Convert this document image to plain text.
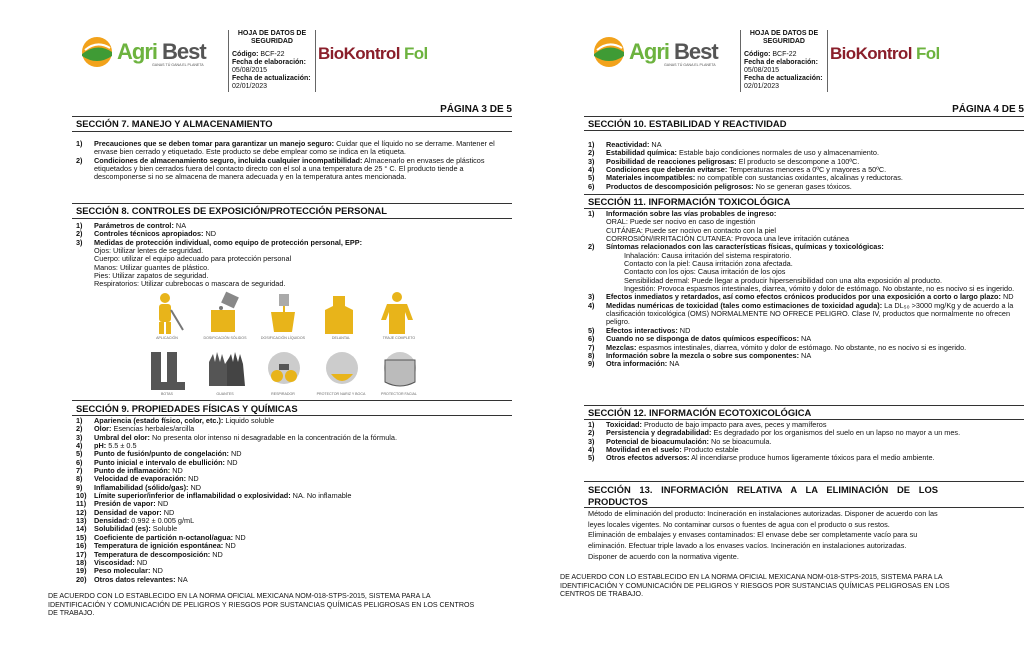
Agri Best
GANAS TÚ GANA EL PLANETA
HOJA DE DATOS DE SEGURIDAD
Código: BCF-22
Fecha de elaboración:
05/08/2015
Fecha de actualización:
02/01/2023
BioKontrol Fol
PÁGINA 3 DE 5
SECCIÓN 7. MANEJO Y ALMACENAMIENTO
1)	Precauciones que se deben tomar para garantizar un manejo seguro: Cuidar que el líquido no se derrame. Mantener el envase bien cerrado y etiquetado. Este producto se debe emplear como se indica en la etiqueta.
2)	Condiciones de almacenamiento seguro, incluida cualquier incompatibilidad: Almacenarlo en envases de plásticos etiquetados y bien cerrados fuera del contacto directo con el sol a una temperatura de 25 ° C. El producto tiende a descomponerse si no se almacena de manera adecuada y en la temperatura antes mencionada.
SECCIÓN 8. CONTROLES DE EXPOSICIÓN/PROTECCIÓN PERSONAL
1)	Parámetros de control: NA
2)	Controles técnicos apropiados: ND
3)	Medidas de protección individual, como equipo de protección personal, EPP:
Ojos: Utilizar lentes de seguridad.
Cuerpo: utilizar el equipo adecuado para protección personal
Manos: Utilizar guantes de plástico.
Pies: Utilizar zapatos de seguridad.
Respiratorios: Utilizar cubrebocas o mascara de seguridad.
APLICACIÓN	DOSIFICACIÓN SÓLIDOS	DOSIFICACIÓN LÍQUIDOS	DELANTAL	TRAJE COMPLETO
BOTAS	GUANTES	RESPIRADOR	PROTECTOR NARIZ Y BOCA	PROTECTOR FACIAL
SECCIÓN 9. PROPIEDADES FÍSICAS Y QUÍMICAS
1)	Apariencia (estado físico, color, etc.): Liquido soluble
2)	Olor: Esencias herbales/arcilla
3)	Umbral del olor: No presenta olor intenso ni desagradable en la concentración de la fórmula.
4)	pH: 5.5 ± 0.5
5)	Punto de fusión/punto de congelación: ND
6)	Punto inicial e intervalo de ebullición: ND
7)	Punto de inflamación: ND
8)	Velocidad de evaporación: ND
9)	Inflamabilidad (sólido/gas): ND
10)	Límite superior/inferior de inflamabilidad o explosividad: NA. No inflamable
11)	Presión de vapor: ND
12)	Densidad de vapor: ND
13)	Densidad: 0.992 ± 0.005 g/mL
14)	Solubilidad (es): Soluble
15)	Coeficiente de partición n-octanol/agua: ND
16)	Temperatura de ignición espontánea: ND
17)	Temperatura de descomposición: ND
18)	Viscosidad: ND
19)	Peso molecular: ND
20)	Otros datos relevantes: NA
DE ACUERDO CON LO ESTABLECIDO EN LA NORMA OFICIAL MEXICANA NOM-018-STPS-2015, SISTEMA PARA LA IDENTIFICACIÓN Y COMUNICACIÓN DE PELIGROS Y RIESGOS POR SUSTANCIAS QUÍMICAS PELIGROSAS EN LOS CENTROS DE TRABAJO.
Agri Best
GANAS TÚ GANA EL PLANETA
HOJA DE DATOS DE SEGURIDAD
Código: BCF-22
Fecha de elaboración:
05/08/2015
Fecha de actualización:
02/01/2023
BioKontrol Fol
PÁGINA 4 DE 5
SECCIÓN 10. ESTABILIDAD Y REACTIVIDAD
1)	Reactividad: NA
2)	Estabilidad química: Estable bajo condiciones normales de uso y almacenamiento.
3)	Posibilidad de reacciones peligrosas: El producto se descompone a 100ºC.
4)	Condiciones que deberán evitarse: Temperaturas menores a 0ºC y mayores a 50ºC.
5)	Materiales incompatibles: no compatible con sustancias oxidantes, alcalinas y reductoras.
6)	Productos de descomposición peligrosos: No se generan gases tóxicos.
SECCIÓN 11. INFORMACIÓN TOXICOLÓGICA
1)	Información sobre las vías probables de ingreso:
ORAL: Puede ser nocivo en caso de ingestión
CUTÁNEA: Puede ser nocivo en contacto con la piel
CORROSIÓN/IRRITACIÓN CUTANEA: Provoca una leve irritación cutánea
2)	Síntomas relacionados con las características físicas, químicas y toxicológicas:
Inhalación: Causa irritación del sistema respiratorio.
Contacto con la piel: Causa irritación zona afectada.
Contacto con los ojos: Causa irritación de los ojos
Sensibilidad dermal: Puede llegar a producir hipersensibilidad con una alta exposición al producto.
Ingestión: Provoca espasmos intestinales, diarrea, vómito y dolor de estómago. No obstante, no es nocivo si es ingerido.
3)	Efectos inmediatos y retardados, así como efectos crónicos producidos por una exposición a corto o largo plazo: ND
4)	Medidas numéricas de toxicidad (tales como estimaciones de toxicidad aguda): La DL₅₀ >3000 mg/Kg y de acuerdo a la clasificación toxicológica (OMS) NORMALMENTE NO OFRECE PELIGRO. Clase IV, productos que normalmente no ofrecen peligro.
5)	Efectos interactivos: ND
6)	Cuando no se disponga de datos químicos específicos: NA
7)	Mezclas: espasmos intestinales, diarrea, vómito y dolor de estómago. No obstante, no es nocivo si es ingerido.
8)	Información sobre la mezcla o sobre sus componentes: NA
9)	Otra información: NA
SECCIÓN 12. INFORMACIÓN ECOTOXICOLÓGICA
1)	Toxicidad: Producto de bajo impacto para aves, peces y mamíferos
2)	Persistencia y degradabilidad: Es degradado por los organismos del suelo en un lapso no mayor a un mes.
3)	Potencial de bioacumulación: No se bioacumula.
4)	Movilidad en el suelo: Producto estable
5)	Otros efectos adversos: Al incendiarse produce humos ligeramente tóxicos para el medio ambiente.
SECCIÓN 13. INFORMACIÓN RELATIVA A LA ELIMINACIÓN DE LOS PRODUCTOS
Método de eliminación del producto: Incineración en instalaciones autorizadas. Disponer de acuerdo con las leyes locales vigentes. No contaminar cursos o fuentes de agua con el producto o sus restos.
Eliminación de embalajes y envases contaminados: El envase debe ser completamente vacío para su eliminación. Efectuar triple lavado a los envases vacíos. Incineración en instalaciones autorizadas.
Disponer de acuerdo con la normativa vigente.
DE ACUERDO CON LO ESTABLECIDO EN LA NORMA OFICIAL MEXICANA NOM-018-STPS-2015, SISTEMA PARA LA IDENTIFICACIÓN Y COMUNICACIÓN DE PELIGROS Y RIESGOS POR SUSTANCIAS QUÍMICAS PELIGROSAS EN LOS CENTROS DE TRABAJO.
